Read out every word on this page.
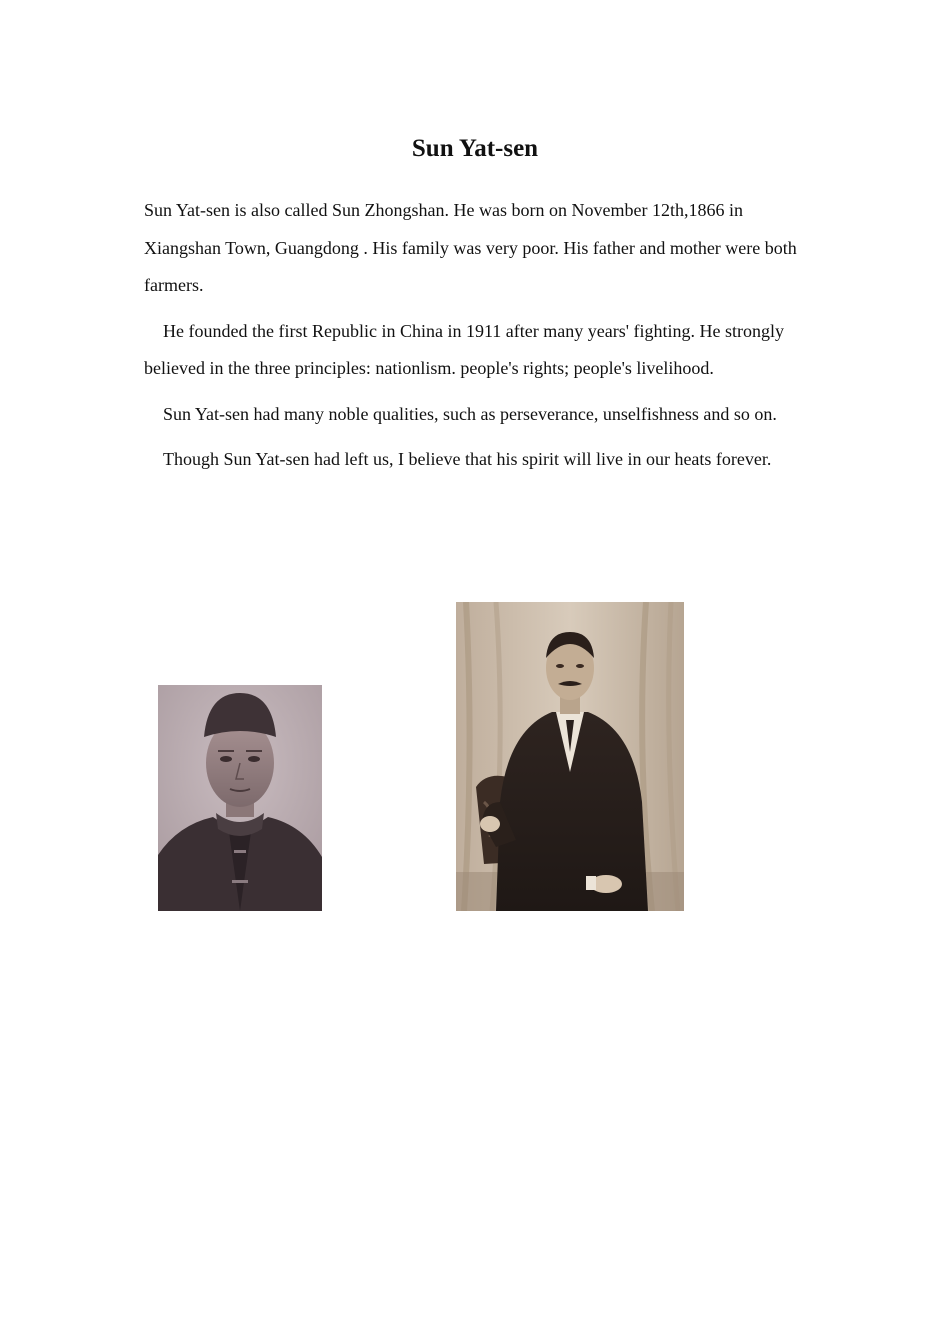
Sun Yat-sen

Sun Yat-sen is also called Sun Zhongshan. He was born on November 12th,1866 in Xiangshan Town, Guangdong . His family was very poor. His father and mother were both farmers.

He founded the first Republic in China in 1911 after many years' fighting. He strongly believed in the three principles: nationlism. people's rights; people's livelihood.

Sun Yat-sen had many noble qualities, such as perseverance, unselfishness and so on.

Though Sun Yat-sen had left us, I believe that his spirit will live in our heats forever.
